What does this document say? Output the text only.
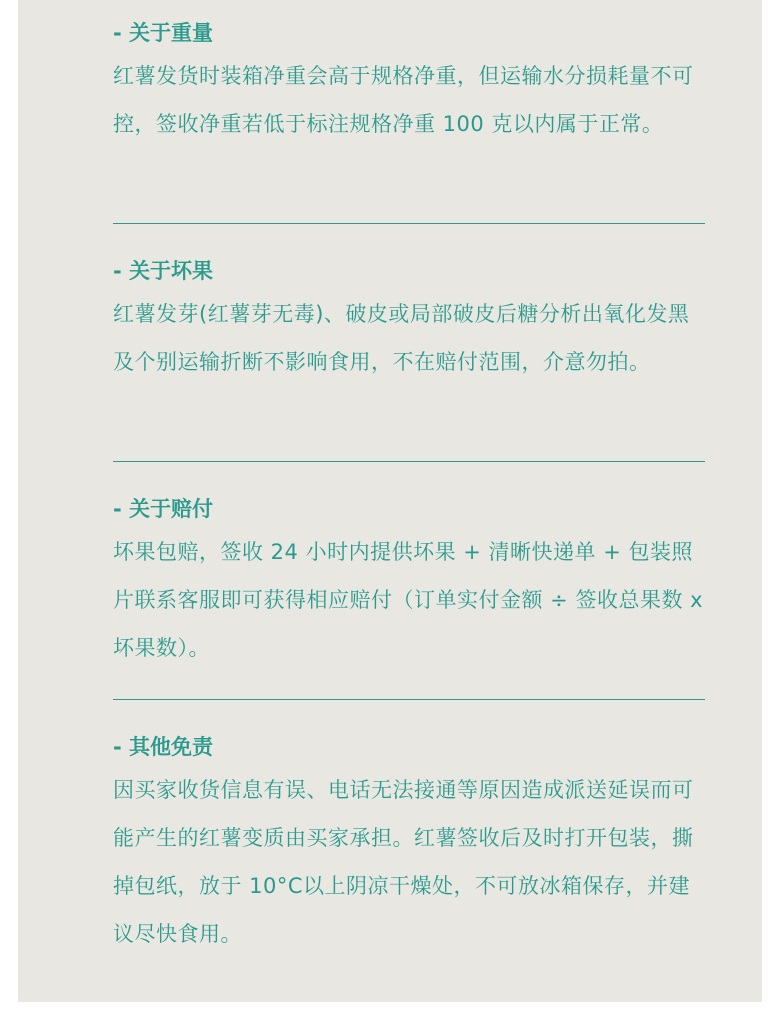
- 关于重量

红薯发货时装箱净重会高于规格净重，但运输水分损耗量不可控，签收净重若低于标注规格净重 100 克以内属于正常。

- 关于坏果

红薯发芽(红薯芽无毒)、破皮或局部破皮后糖分析出氧化发黑及个别运输折断不影响食用，不在赔付范围，介意勿拍。

- 关于赔付

坏果包赔，签收 24 小时内提供坏果 + 清晰快递单 + 包装照片联系客服即可获得相应赔付（订单实付金额 ÷ 签收总果数 x 坏果数）。

- 其他免责

因买家收货信息有误、电话无法接通等原因造成派送延误而可能产生的红薯变质由买家承担。红薯签收后及时打开包装，撕掉包纸，放于 10°C以上阴凉干燥处，不可放冰箱保存，并建议尽快食用。
